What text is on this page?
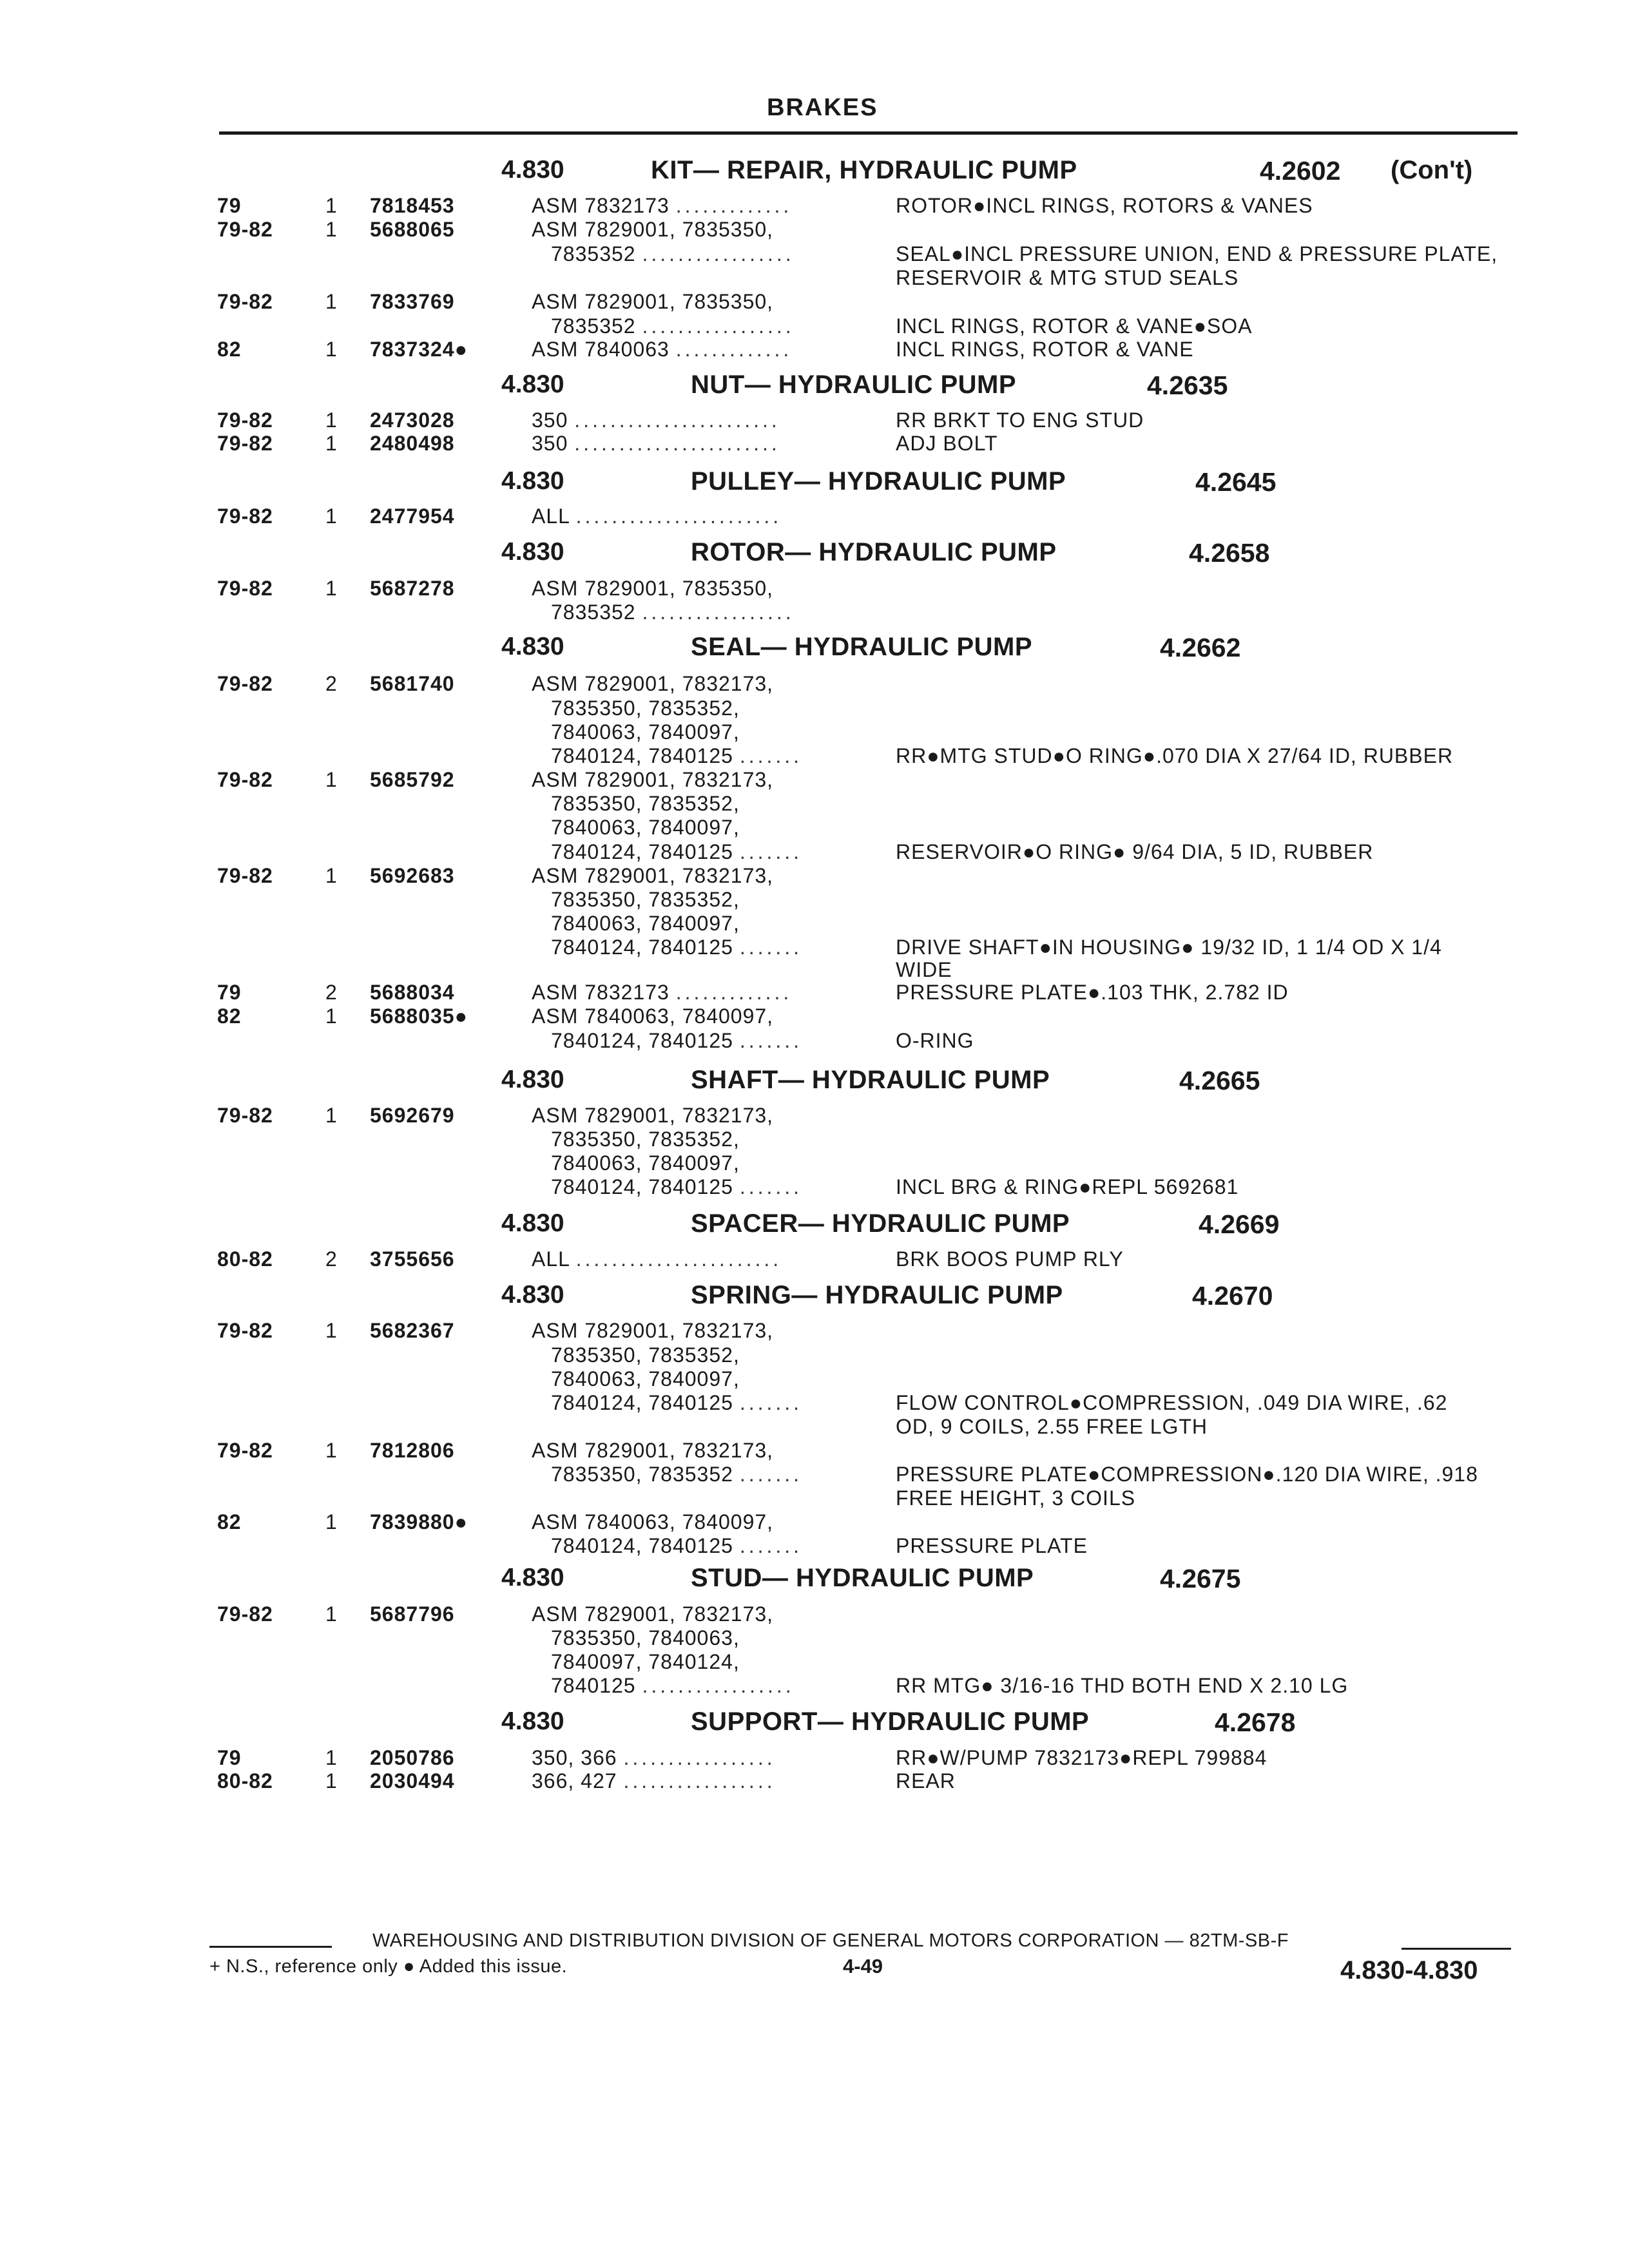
BRAKES
4.830	KIT— REPAIR, HYDRAULIC PUMP	4.2602 (Con't)
4.830	NUT— HYDRAULIC PUMP	4.2635
4.830	PULLEY— HYDRAULIC PUMP	4.2645
4.830	ROTOR— HYDRAULIC PUMP	4.2658
4.830	SEAL— HYDRAULIC PUMP	4.2662
4.830	SHAFT— HYDRAULIC PUMP	4.2665
4.830	SPACER— HYDRAULIC PUMP	4.2669
4.830	SPRING— HYDRAULIC PUMP	4.2670
4.830	STUD— HYDRAULIC PUMP	4.2675
4.830	SUPPORT— HYDRAULIC PUMP	4.2678
79	1 7818453	ASM 7832173 .............	ROTOR●INCL RINGS, ROTORS & VANES
79-82	1 5688065	ASM 7829001, 7835350,
7835352 .................	SEAL●INCL PRESSURE UNION, END & PRESSURE PLATE,
RESERVOIR & MTG STUD SEALS
79-82	1 7833769	ASM 7829001, 7835350,
7835352 .................	INCL RINGS, ROTOR & VANE●SOA
82	1 7837324●	ASM 7840063 .............	INCL RINGS, ROTOR & VANE
79-82	1 2473028	350 .......................	RR BRKT TO ENG STUD
79-82	1 2480498	350 .......................	ADJ BOLT
79-82	1 2477954	ALL .......................
79-82	1 5687278	ASM 7829001, 7835350,
7835352 .................
79-82	2 5681740	ASM 7829001, 7832173,
7835350, 7835352,
7840063, 7840097,
7840124, 7840125 .......	RR●MTG STUD●O RING●.070 DIA X 27/64 ID, RUBBER
79-82	1 5685792	ASM 7829001, 7832173,
7835350, 7835352,
7840063, 7840097,
7840124, 7840125 .......	RESERVOIR●O RING● 9/64 DIA, 5 ID, RUBBER
79-82	1 5692683	ASM 7829001, 7832173,
7835350, 7835352,
7840063, 7840097,
7840124, 7840125 .......	DRIVE SHAFT●IN HOUSING● 19/32 ID, 1 1/4 OD X 1/4
WIDE
79	2 5688034	ASM 7832173 .............	PRESSURE PLATE●.103 THK, 2.782 ID
82	1 5688035●	ASM 7840063, 7840097,
7840124, 7840125 .......	O-RING
79-82	1 5692679	ASM 7829001, 7832173,
7835350, 7835352,
7840063, 7840097,
7840124, 7840125 .......	INCL BRG & RING●REPL 5692681
80-82	2 3755656	ALL .......................	BRK BOOS PUMP RLY
79-82	1 5682367	ASM 7829001, 7832173,
7835350, 7835352,
7840063, 7840097,
7840124, 7840125 .......	FLOW CONTROL●COMPRESSION, .049 DIA WIRE, .62
OD, 9 COILS, 2.55 FREE LGTH
79-82	1 7812806	ASM 7829001, 7832173,
7835350, 7835352 .......	PRESSURE PLATE●COMPRESSION●.120 DIA WIRE, .918
FREE HEIGHT, 3 COILS
82	1 7839880●	ASM 7840063, 7840097,
7840124, 7840125 .......	PRESSURE PLATE
79-82	1 5687796	ASM 7829001, 7832173,
7835350, 7840063,
7840097, 7840124,
7840125 .................	RR MTG● 3/16-16 THD BOTH END X 2.10 LG
79	1 2050786	350, 366 .................	RR●W/PUMP 7832173●REPL 799884
80-82	1 2030494	366, 427 .................	REAR
WAREHOUSING AND DISTRIBUTION DIVISION OF GENERAL MOTORS CORPORATION — 82TM-SB-F
+ N.S., reference only ● Added this issue.	4-49	4.830-4.830
